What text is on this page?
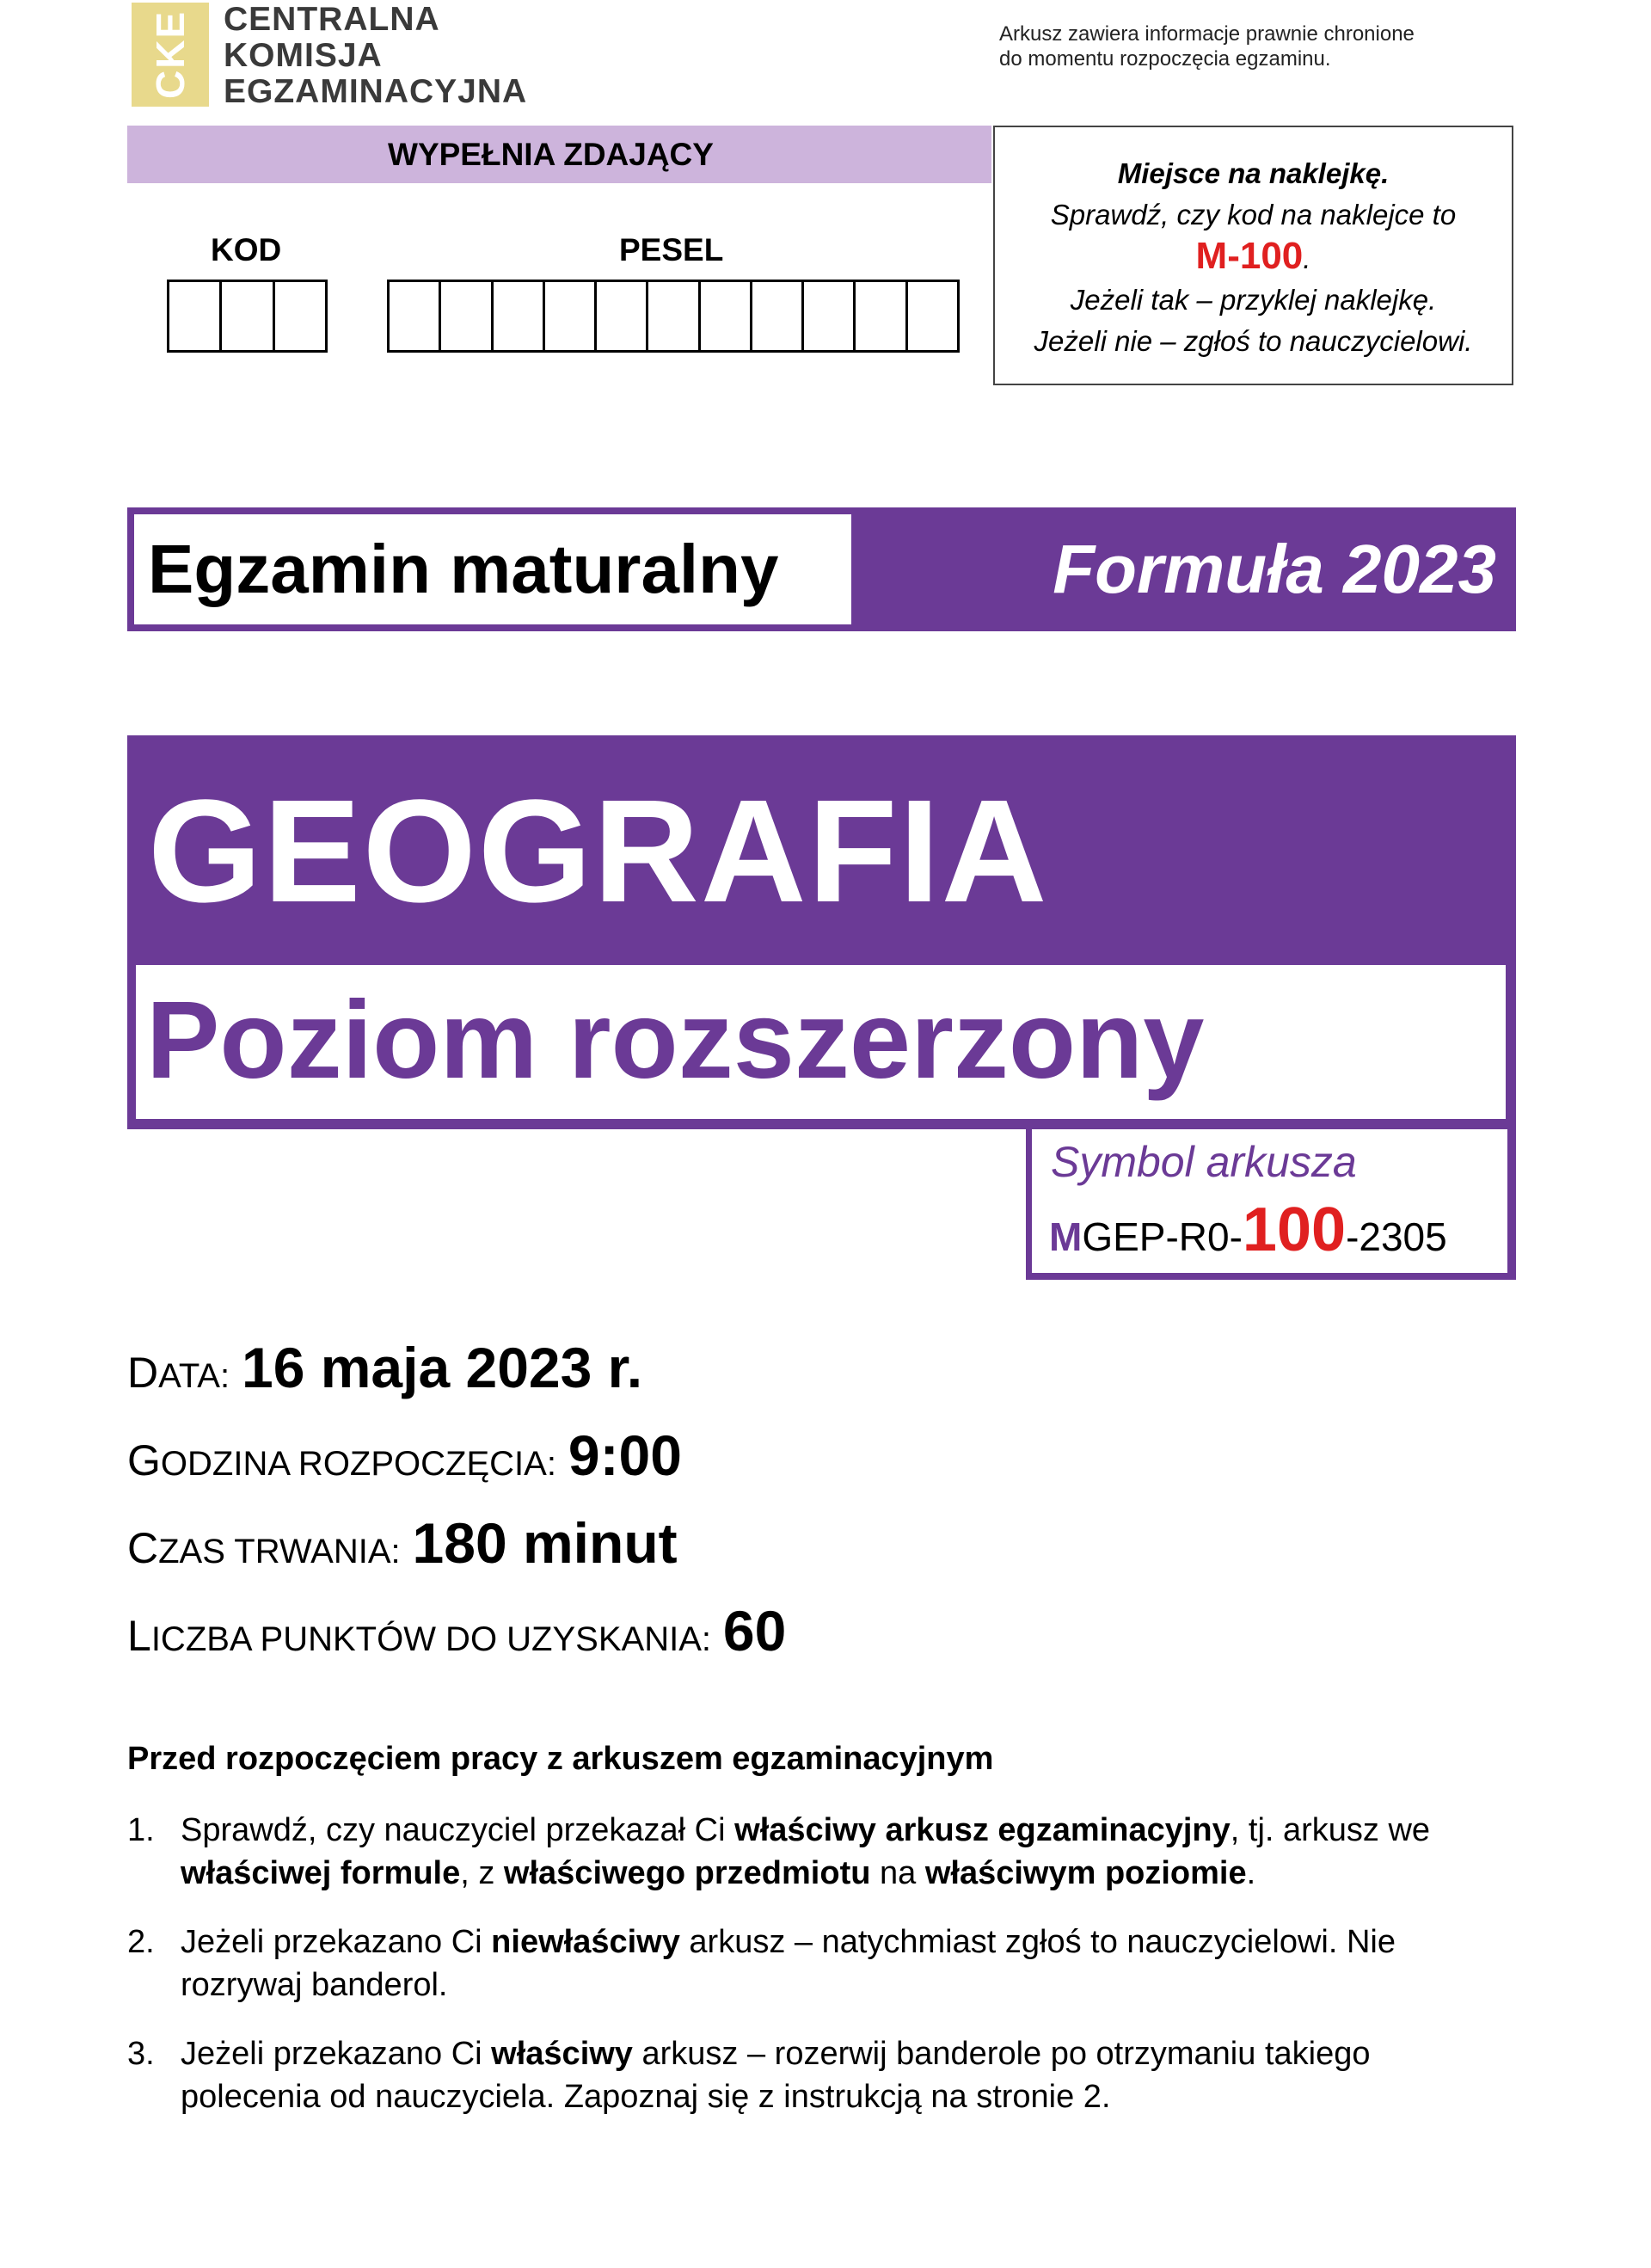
CKE CENTRALNA
KOMISJA
EGZAMINACYJNA
Arkusz zawiera informacje prawnie chronione
do momentu rozpoczęcia egzaminu.
WYPEŁNIA ZDAJĄCY
KOD	PESEL
Miejsce na naklejkę.
Sprawdź, czy kod na naklejce to
M-100.
Jeżeli tak – przyklej naklejkę.
Jeżeli nie – zgłoś to nauczycielowi.
Egzamin maturalny	Formuła 2023
GEOGRAFIA
Poziom rozszerzony
Symbol arkusza
MGEP-R0-100-2305
DATA: 16 maja 2023 r.
GODZINA ROZPOCZĘCIA: 9:00
CZAS TRWANIA: 180 minut
LICZBA PUNKTÓW DO UZYSKANIA: 60
Przed rozpoczęciem pracy z arkuszem egzaminacyjnym
1. Sprawdź, czy nauczyciel przekazał Ci właściwy arkusz egzaminacyjny, tj. arkusz we właściwej formule, z właściwego przedmiotu na właściwym poziomie.
2. Jeżeli przekazano Ci niewłaściwy arkusz – natychmiast zgłoś to nauczycielowi. Nie rozrywaj banderol.
3. Jeżeli przekazano Ci właściwy arkusz – rozerwij banderole po otrzymaniu takiego polecenia od nauczyciela. Zapoznaj się z instrukcją na stronie 2.
